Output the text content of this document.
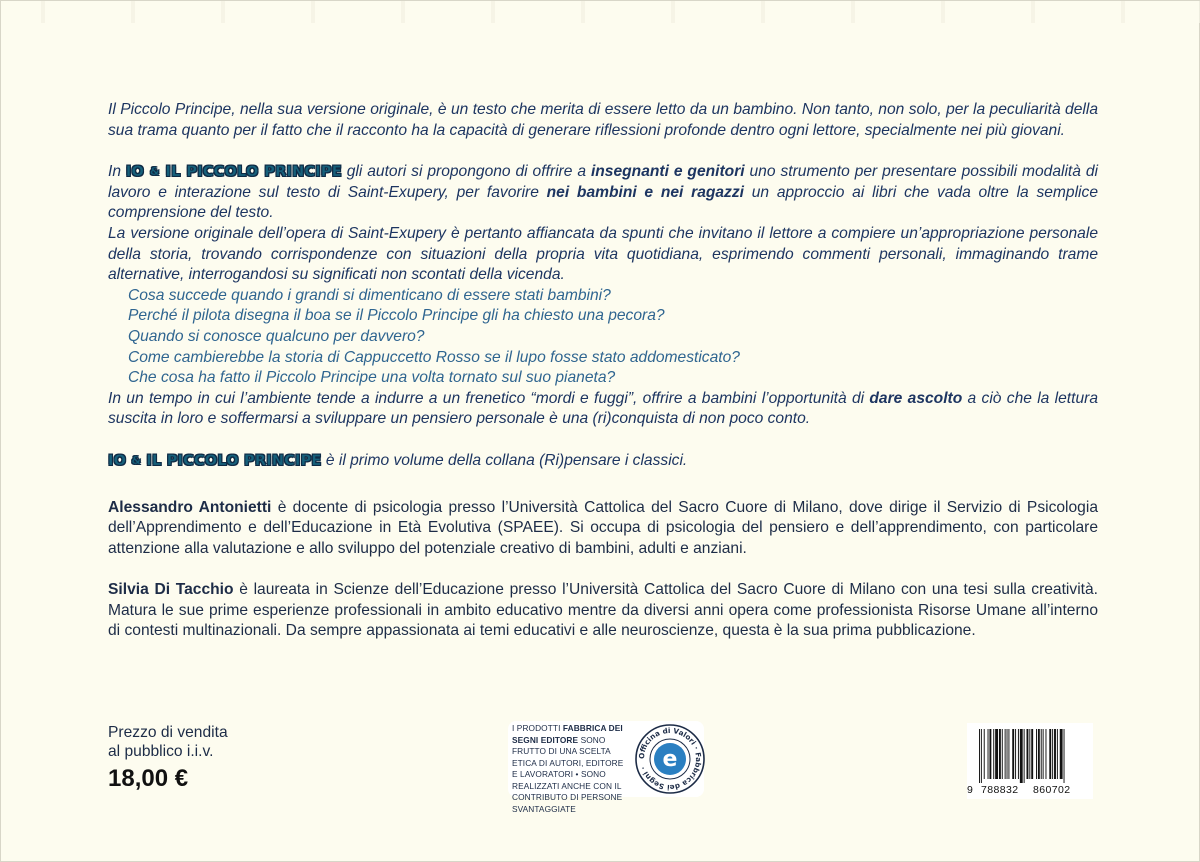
Il Piccolo Principe, nella sua versione originale, è un testo che merita di essere letto da un bambino. Non tanto, non solo, per la peculiarità della sua trama quanto per il fatto che il racconto ha la capacità di generare riflessioni profonde dentro ogni lettore, specialmente nei più giovani.

In IO & IL PICCOLO PRINCIPE gli autori si propongono di offrire a insegnanti e genitori uno strumento per presentare possibili modalità di lavoro e interazione sul testo di Saint-Exupery, per favorire nei bambini e nei ragazzi un approccio ai libri che vada oltre la semplice comprensione del testo.

La versione originale dell’opera di Saint-Exupery è pertanto affiancata da spunti che invitano il lettore a compiere un’appropriazione personale della storia, trovando corrispondenze con situazioni della propria vita quotidiana, esprimendo commenti personali, immaginando trame alternative, interrogandosi su significati non scontati della vicenda.

Cosa succede quando i grandi si dimenticano di essere stati bambini?

Perché il pilota disegna il boa se il Piccolo Principe gli ha chiesto una pecora?

Quando si conosce qualcuno per davvero?

Come cambierebbe la storia di Cappuccetto Rosso se il lupo fosse stato addomesticato?

Che cosa ha fatto il Piccolo Principe una volta tornato sul suo pianeta?

In un tempo in cui l’ambiente tende a indurre a un frenetico “mordi e fuggi”, offrire a bambini l’opportunità di dare ascolto a ciò che la lettura suscita in loro e soffermarsi a sviluppare un pensiero personale è una (ri)conquista di non poco conto.

IO & IL PICCOLO PRINCIPE è il primo volume della collana (Ri)pensare i classici.

Alessandro Antonietti è docente di psicologia presso l’Università Cattolica del Sacro Cuore di Milano, dove dirige il Servizio di Psicologia dell’Apprendimento e dell’Educazione in Età Evolutiva (SPAEE). Si occupa di psicologia del pensiero e dell’apprendimento, con particolare attenzione alla valutazione e allo sviluppo del potenziale creativo di bambini, adulti e anziani.

Silvia Di Tacchio è laureata in Scienze dell’Educazione presso l’Università Cattolica del Sacro Cuore di Milano con una tesi sulla creatività. Matura le sue prime esperienze professionali in ambito educativo mentre da diversi anni opera come professionista Risorse Umane all’interno di contesti multinazionali. Da sempre appassionata ai temi educativi e alle neuroscienze, questa è la sua prima pubblicazione.

Prezzo di vendita
al pubblico i.i.v.
18,00 €
I PRODOTTI FABBRICA DEI SEGNI EDITORE SONO FRUTTO DI UNA SCELTA ETICA DI AUTORI, EDITORE E LAVORATORI • SONO REALIZZATI ANCHE CON IL CONTRIBUTO DI PERSONE SVANTAGGIATE
Officina di Valori · Fabbrica dei Segni · e

9

788832

860702
